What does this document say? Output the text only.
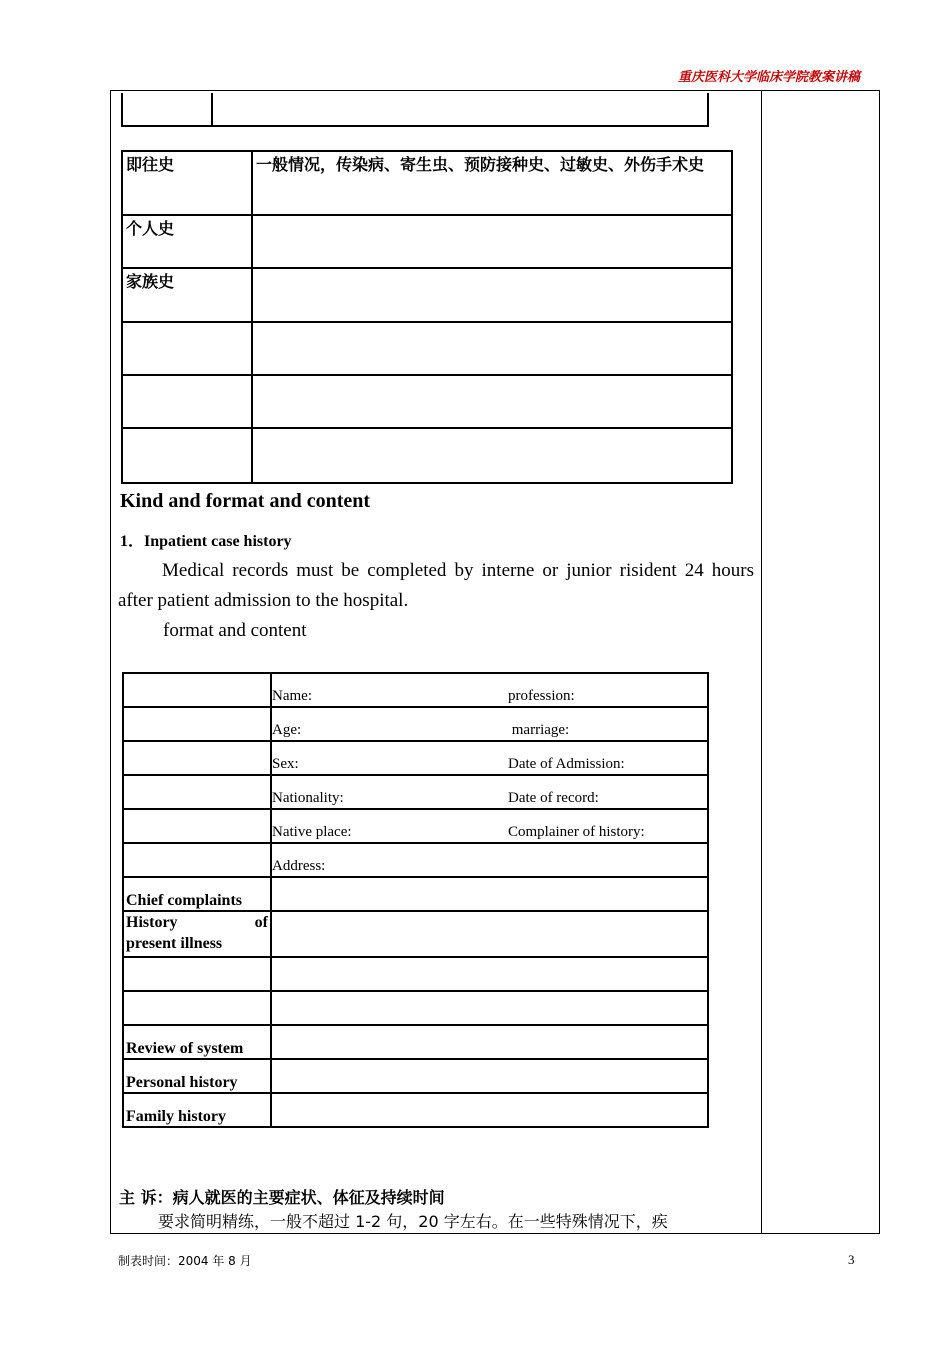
重庆医科大学临床学院教案讲稿
即往史	一般情况，传染病、寄生虫、预防接种史、过敏史、外伤手术史
个人史	
家族史	

Kind and format and content
1．Inpatient case history
Medical records must be completed by interne or junior risident 24 hours after patient admission to the hospital.
format and content

	Name: profession:

	Age: marriage:

	Sex: Date of Admission:

	Nationality: Date of record:

	Native place: Complainer of history:

	Address:

Chief complaints	

History of
present illness	

Review of system	
Personal history	
Family history	
主 诉：病人就医的主要症状、体征及持续时间
要求简明精练，一般不超过 1-2 句，20 字左右。在一些特殊情况下，疾
制表时间：2004 年 8 月	3
